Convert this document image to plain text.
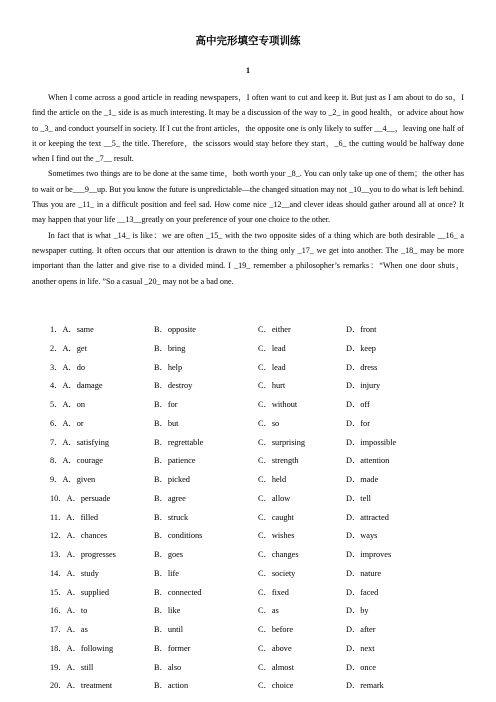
高中完形填空专项训练
1

When I come across a good article in reading newspapers，I often want to cut and keep it. But just as I am about to do so，I find the article on the _1_ side is as much interesting. It may be a discussion of the way to _2_ in good health，or advice about how to _3_ and conduct yourself in society. If I cut the front articles，the opposite one is only likely to suffer __4__，leaving one half of it or keeping the text __5_ the title. Therefore，the scissors would stay before they start，_6_ the cutting would be halfway done when I find out the _7__ result.

Sometimes two things are to be done at the same time，both worth your _8_. You can only take up one of them；the other has to wait or be___9__up. But you know the future is unpredictable—the changed situation may not _10__you to do what is left behind. Thus you are _11_ in a difficult position and feel sad. How come nice _12__and clever ideas should gather around all at once? It may happen that your life __13__greatly on your preference of your one choice to the other.

In fact that is what _14_ is like：we are often _15_ with the two opposite sides of a thing which are both desirable __16_ a newspaper cutting. It often occurs that our attention is drawn to the thing only _17_ we get into another. The _18_ may be more important than the latter and give rise to a divided mind. I _19_ remember a philosopher’s remarks：“When one door shuts，another opens in life. ”So a casual _20_ may not be a bad one.

1．A．same	B．opposite	C．either	D．front
2．A．get	B．bring	C．lead	D．keep
3．A．do	B．help	C．lead	D．dress
4．A．damage	B．destroy	C．hurt	D．injury
5．A．on	B．for	C．without	D．off
6．A．or	B．but	C．so	D．for
7．A．satisfying	B．regrettable	C．surprising	D．impossible
8．A．courage	B．patience	C．strength	D．attention
9．A．given	B．picked	C．held	D．made
10．A．persuade	B．agree	C．allow	D．tell
11．A．filled	B．struck	C．caught	D．attracted
12．A．chances	B．conditions	C．wishes	D．ways
13．A．progresses	B．goes	C．changes	D．improves
14．A．study	B．life	C．society	D．nature
15．A．supplied	B．connected	C．fixed	D．faced
16．A．to	B．like	C．as	D．by
17．A．as	B．until	C．before	D．after
18．A．following	B．former	C．above	D．next
19．A．still	B．also	C．almost	D．once
20．A．treatment	B．action	C．choice	D．remark
